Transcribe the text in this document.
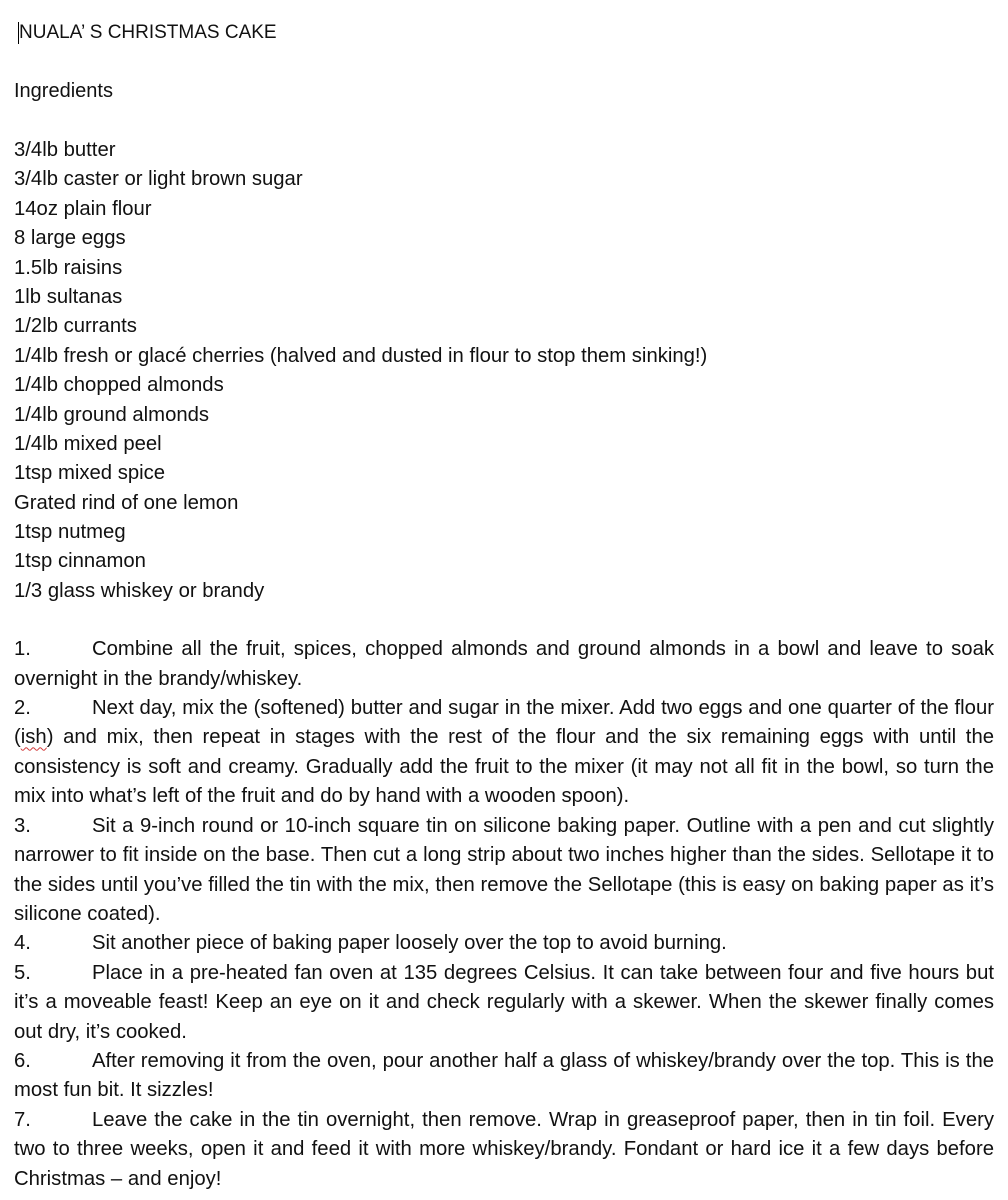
NUALA’ S CHRISTMAS CAKE
Ingredients
3/4lb butter
3/4lb caster or light brown sugar
14oz plain flour
8 large eggs
1.5lb raisins
1lb sultanas
1/2lb currants
1/4lb fresh or glacé cherries (halved and dusted in flour to stop them sinking!)
1/4lb chopped almonds
1/4lb ground almonds
1/4lb mixed peel
1tsp mixed spice
Grated rind of one lemon
1tsp nutmeg
1tsp cinnamon
1/3 glass whiskey or brandy
1.	Combine all the fruit, spices, chopped almonds and ground almonds in a bowl and leave to soak overnight in the brandy/whiskey.
2.	Next day, mix the (softened) butter and sugar in the mixer. Add two eggs and one quarter of the flour (ish) and mix, then repeat in stages with the rest of the flour and the six remaining eggs with until the consistency is soft and creamy. Gradually add the fruit to the mixer (it may not all fit in the bowl, so turn the mix into what’s left of the fruit and do by hand with a wooden spoon).
3.	Sit a 9-inch round or 10-inch square tin on silicone baking paper. Outline with a pen and cut slightly narrower to fit inside on the base. Then cut a long strip about two inches higher than the sides. Sellotape it to the sides until you’ve filled the tin with the mix, then remove the Sellotape (this is easy on baking paper as it’s silicone coated).
4.	Sit another piece of baking paper loosely over the top to avoid burning.
5.	Place in a pre-heated fan oven at 135 degrees Celsius. It can take between four and five hours but it’s a moveable feast! Keep an eye on it and check regularly with a skewer. When the skewer finally comes out dry, it’s cooked.
6.	After removing it from the oven, pour another half a glass of whiskey/brandy over the top. This is the most fun bit. It sizzles!
7.	Leave the cake in the tin overnight, then remove. Wrap in greaseproof paper, then in tin foil. Every two to three weeks, open it and feed it with more whiskey/brandy. Fondant or hard ice it a few days before Christmas – and enjoy!
